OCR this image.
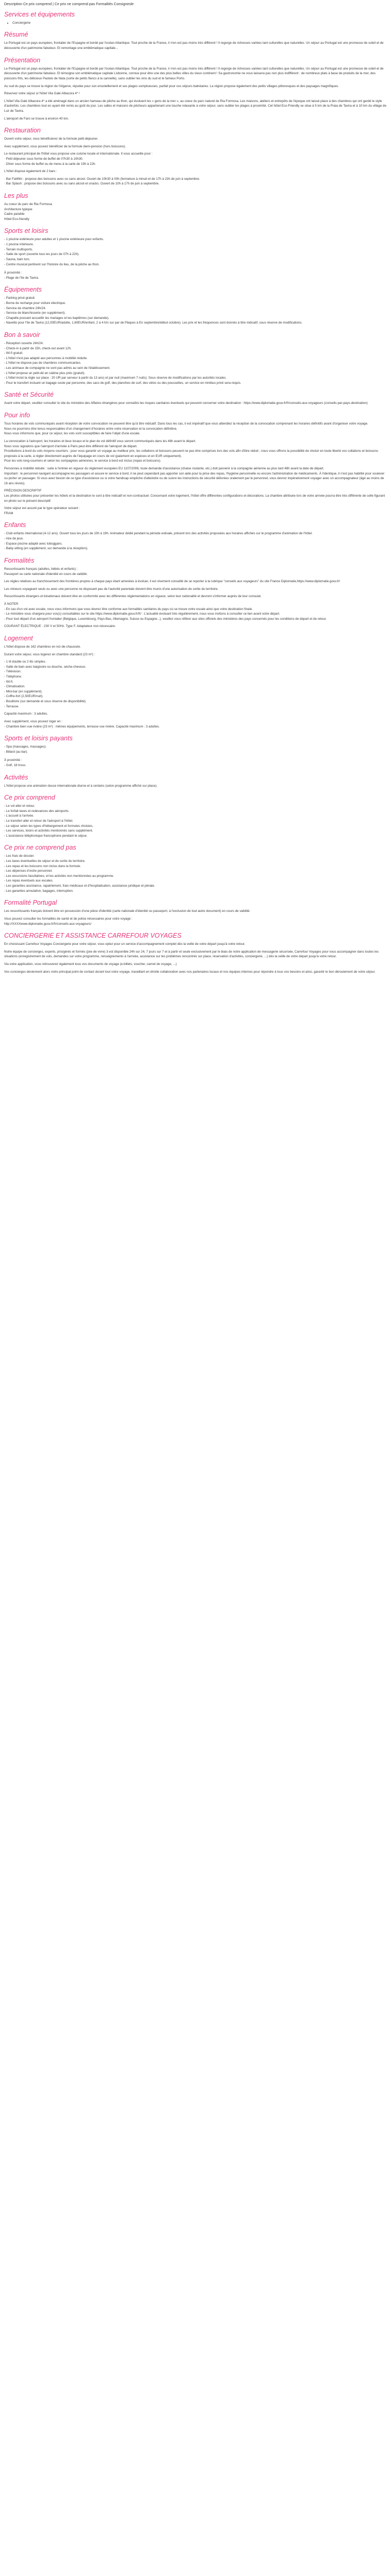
Description Ce prix comprend | Ce prix ne comprend pas Formalités Consignesle

Services et équipements
• Conciergerie
Résumé

Le Portugal est un pays européen, frontalier de l'Espagne et bordé par l'océan Atlantique. Tout proche de la France, il n'en est pas moins très différent ! Il regorge de richesses variées tant culturelles que naturelles. Un séjour au Portugal est une promesse de soleil et de découverte d'un patrimoine fabuleux. Et remontage une emblématique capitale...

Présentation

Le Portugal est un pays européen, frontalier de l'Espagne et bordé par l'océan Atlantique. Tout proche de la France, il n'en est pas moins très différent ! Il regorge de richesses variées tant culturelles que naturelles. Un séjour au Portugal est une promesse de soleil et de découverte d'un patrimoine fabuleux. Et témoigne son emblématique capitale Lisbonne, connue pour être une des plus belles villes du vieux continent ! Sa gastronomie ne vous laissera pas non plus indifférent : de nombreux plats à base de produits de la mer, des poissons frits, les délicieux Pasteis de Nata (sorte de petits flancs à la cannelle), sans oublier les vins du sud et le fameux Porto.

Au sud du pays se trouve la région de l'Algarve, réputée pour son ensoleillement et ses plages somptueuses, parfait pour vos séjours balnéaires. La région propose également des petits villages pittoresques et des paysages magnifiques.

Réservez votre séjour à l'hôtel Vila Galé Albacora 4* !

L'hôtel Vila Galé Albacora 4* a été aménagé dans un ancien hameau de pêche au thon, qui évoluent les « gens de la mer », au coeur du parc naturel de Ria Formosa. Les maisons, ateliers et entrepôts de l'époque ont laissé place à des chambres qui ont gardé le style d'autrefois. Les chambres tout en ayant été remis au goût du jour. Les salles et maisons de pêcheurs appartenant une touche relaxante à votre séjour, sans oublier les plages à proximité. Cet hôtel Eco-Friendly se situe à 5 km de la Praia de Tavira et à 10 km du village de Luz de Tavira.

L'aéroport de Faro se trouve à environ 40 km.

Restauration

Ouvert votre séjour, vous bénéficierez de la formule petit-déjeuner.

Avec supplément, vous pouvez bénéficier de la formule demi-pension (hors boissons).

Le restaurant principal de l'hôtel vous propose une cuisine locale et internationale. Il vous accueille pour :
· Petit déjeuner sous forme de buffet de 07h30 à 10h30.
· Dîner sous forme de buffet ou de menu à la carte de 19h à 22h.

L'hôtel dispose également de 2 bars :

· Bar Fabfilm : propose des boissons avec ou sans alcool. Ouvert de 10h30 à 00h (fermeture à minuit et de 17h à 23h de juin à septembre.
· Bar Splash : propose des boissons avec ou sans alcool et snacks. Ouvert de 10h à 17h de juin à septembre.

Les plus
Au coeur du parc de Ria Formosa
Architecture typique
Cadre paisible
Hôtel Eco-friendly
Sports et loisirs
- 1 piscine extérieure pour adultes et 1 piscine extérieure pour enfants.
- 1 piscine intérieure.
- Terrain multisports.
- Salle de sport (ouverte tous les jours de 07h à 22h).
- Sauna, bain turc.
- Centre musical pertinent sur l'histoire du lieu, de la pêche au thon.
À proximité :
- Plage de l'île de Tavira.
Équipements
- Parking privé gratuit.
- Borne de recharge pour voiture électrique.
- Service de chambre 24h/24.
- Service de blanchisserie (en supplément).
- Chapelle pouvant accueillir les mariages et les baptêmes (sur demande).
- Navette pour l'île de Tavira (12,00EUR/adulte, 1,60EUR/enfant, 2 à 4 h/n sur par de Pâques à En septembre/début octobre). Les prix et les fréquences sont donnés à titre indicatif, sous réserve de modifications.
Bon à savoir
- Réception ouverte 24h/24.
- Check-in à partir de 15h, check-out avant 12h.
- Wi-fi gratuit.
- L'hôtel n'est pas adapté aux personnes à mobilité réduite.
- L'hôtel ne dispose pas de chambres communicantes.
- Les animaux de compagnie ne sont pas admis au sein de l'établissement.
- L'hôtel propose un petit-dé en cabine plus près (gratuit).
- L'hôtel inclut la règle sur place : 20 UR par serveur à partir du 13 ans) et par nuit (maximum 7 nuits). Sous réserve de modifications par les autorités locales.
- Pour le transfert incluant un bagage soute par personne, des sacs de golf, des planches de surf, des vélos ou des poussettes, un service en minibus privé sera requis.
Santé et Sécurité

Avant votre départ, veuillez consulter le site du ministère des Affaires étrangères pour connaître les risques sanitaires éventuels qui peuvent concerner votre destination : https://www.diplomatie.gouv.fr/fr/conseils-aux-voyageurs (conseils-par-pays-destination)

Pour info

Tous horaires de vols communiqués avant réception de votre convocation ne peuvent être qu'à titre indicatif. Dans tous les cas, il est impératif que vous attendiez la réception de la convocation comprenant les horaires définitifs avant d'organiser votre voyage.
Nous ne pourrions être tenus responsables d'un changement d'horaires entre votre réservation et la convocation définitive.
Nous vous informons que, pour ce séjour, les vols sont susceptibles de faire l'objet d'une escale.

La convocation à l'aéroport, les horaires et lieux locaux et le plan de vol définitif vous seront communiqués dans les 48h avant le départ.
Nous vous signalons que l'aéroport d'arrivée à Paris peut être différent de l'aéroport de départ.
Prostitutions à bord du vols moyens courriers : pour vous garantir un voyage au meilleur prix, les collations et boissons peuvent ne pas être comprises lors des vols afin d'être réduit ; nous vous offrons la possibilité de choisir en toute liberté vos collations et boissons proposés à la carte, à régler directement auprès de l'équipage en cours de vol (paiement en espèces et en EUR uniquement).
Pour les vols long-courriers et selon les compagnies aériennes, le service à bord est inclus (repas et boissons).

Personnes à mobilité réduite : suite à l'entrée en vigueur du règlement européen EU 1107/2006, toute demande d'assistance (chaise roulante, etc.) doit parvenir à la compagnie aérienne au plus tard 48h avant la date de départ.
Important : le personnel navigant accompagne les passagers et assure le service à bord, il ne peut cependant pas apporter son aide pour la prise des repas, l'hygiène personnelle ou encore l'administration de médicaments. À l'identique, il n'est pas habilité pour soulever ou porter un passager. Si vous avez besoin de ce type d'assistance ou si votre handicap empêche d'atteindre ou de suivre les instructions de sécurité délivrées oralement par le personnel, vous devrez impérativement voyager avec un accompagnateur (âgé au moins de 16 ans révolu).

PRÉCISION DESCRIPTIF
Les photos utilisées pour présenter les hôtels et la destination le sont à titre indicatif et non-contractuel. Concernant votre logement, l'hôtel offre différentes configurations et décorations. La chambre attribuée lors de votre arrivée pourra être très différente de celle figurant en photo sur le présent descriptif.

Votre séjour est assuré par le type opérateur suivant :
FRAM

Enfants

- Club enfants international (4-12 ans). Ouvert tous les jours de 10h à 19h. Animateur dédié pendant la période estivale, présent lors des activités proposées aux horaires affichés sur le programme d'animation de l'hôtel.
- Aire de jeux.
- Espace piscine adapté avec toboggans.
- Baby-sitting (en supplément, sur demande à la réception).

Formalités

Ressortissants français (adultes, bébés et enfants) :
Passeport ou carte nationale d'identité en cours de validité.

Les règles relatives au franchissement des frontières propres à chaque pays étant amenées à évoluer, il est vivement conseillé de se reporter à la rubrique "conseils aux voyageurs" du site France Diplomatie,https://www.diplomatie.gouv.fr/

Les mineurs voyageant seuls ou avec une personne ne disposant pas de l'autorité parentale doivent être munis d'une autorisation de sortie du territoire.

Ressortissants étrangers et binationaux doivent être en conformité avec les différentes réglementations en vigueur, selon leur nationalité et devront s'informer auprès de leur consulat.

À NOTER
- En cas d'un vol avec escale, nous vous informons que vous devrez être conforme aux formalités sanitaires du pays où se trouve votre escale ainsi que votre destination finale.
- Le ministère vous chargera pour vos(s) consultables sur le site https://www.diplomatie.gouv.fr/fr/ : L'actualité évoluant très régulièrement, nous vous invitons à consulter ce lien avant votre départ.
- Pour tout départ d'un aéroport frontalier (Belgique, Luxembourg, Pays-Bas, Allemagne, Suisse ou Espagne...), veuillez vous référer aux sites officiels des ministères des pays concernés pour les conditions de départ et de retour.

COURANT ÉLECTRIQUE : 230 V et 50Hz. Type F. Adaptateur non nécessaire.

Logement

L'hôtel dispose de 162 chambres en rez-de-chaussée.

Durant votre séjour, vous logerez en chambre standard (23 m²) :

- 1 lit double ou 2 lits simples.
- Salle de bain avec baignoire ou douche, sèche-cheveux.
- Télévision.
- Téléphone.
- Wi-fi.
- Climatisation.
- Mini-bar (en supplément).
- Coffre-fort (2,50EUR/nuit).
- Bouilloire (sur demande et sous réserve de disponibilité).
- Terrasse.

Capacité maximum : 3 adultes.

Avec supplément, vous pouvez loger en :
- Chambre bien vue rivière (23 m²) : mêmes équipements, terrasse vue rivière. Capacité maximum : 3 adultes.

Sports et loisirs payants
- Spa (massages, massages).
- Billard (au bar).
À proximité :
- Golf, 18 trous.
Activités

L'hôtel propose une animation douce internationale diurne et à certains (selon programme affiché sur place).

Ce prix comprend
- Le vol aller et retour.
- Le forfait taxes et redevances des aéroports.
- L'accueil à l'arrivée.
- Le transfert aller et retour de l'aéroport à l'hôtel.
- Le séjour selon les types d'hébergement et formules choisies.
- Les services, loisirs et activités mentionnés sans supplément.
- L'assistance téléphonique francophone pendant le séjour.
Ce prix ne comprend pas
- Les frais de dossier.
- Les taxes éventuelles de séjour et de sortie du territoire.
- Les repas et les boissons non inclus dans la formule.
- Les dépenses d'ordre personnel.
- Les excursions facultatives, et les activités non mentionnées au programme.
- Les repas éventuels aux escales.
- Les garanties assistance, rapatriement, frais médicaux et d'hospitalisation, assistance juridique et pénale.
- Les garanties annulation, bagages, interruption.
Formalité Portugal

Les ressortissants français doivent être en possession d'une pièce d'identité (carte nationale d'identité ou passeport, à l'exclusion de tout autre document) en cours de validité.

Vous pouvez consulter les formalités de santé et de police nécessaires pour votre voyage :
http://XXXXwww.diplomatie.gouv.fr/fr/conseils-aux-voyageurs/

CONCIERGERIE ET ASSISTANCE CARREFOUR VOYAGES

En choisissant Carrefour Voyages Conciergerie pour votre séjour, vous optez pour un service d'accompagnement complet dès la veille de votre départ jusqu'à votre retour.

Notre équipe de concierges, experts, pris/gérés et formés (joie de vivre) 3 est disponible 24h sur 24, 7 jours sur 7 et à partir et seule exclusivement par le biais de notre application de messagerie sécurisée, Carrefour Voyages pour vous accompagner dans toutes les situations (enregistrement de vols, demandes sur votre programme, renseignements à l'arrivée, assistance sur les problèmes rencontrés sur place, réservation d'activités, conciergerie, ...) dès la veille de votre départ jusqu'à votre retour.

Via votre application, vous retrouverez également tous vos documents de voyage (e-billets, voucher, carnet de voyage, ...)

Vos concierges deviennent alors votre principal point de contact durant tout votre voyage, travaillant en étroite collaboration avec nos partenaires locaux et nos équipes internes pour répondre à tous vos besoins et ainsi, garantir le bon déroulement de votre séjour.
